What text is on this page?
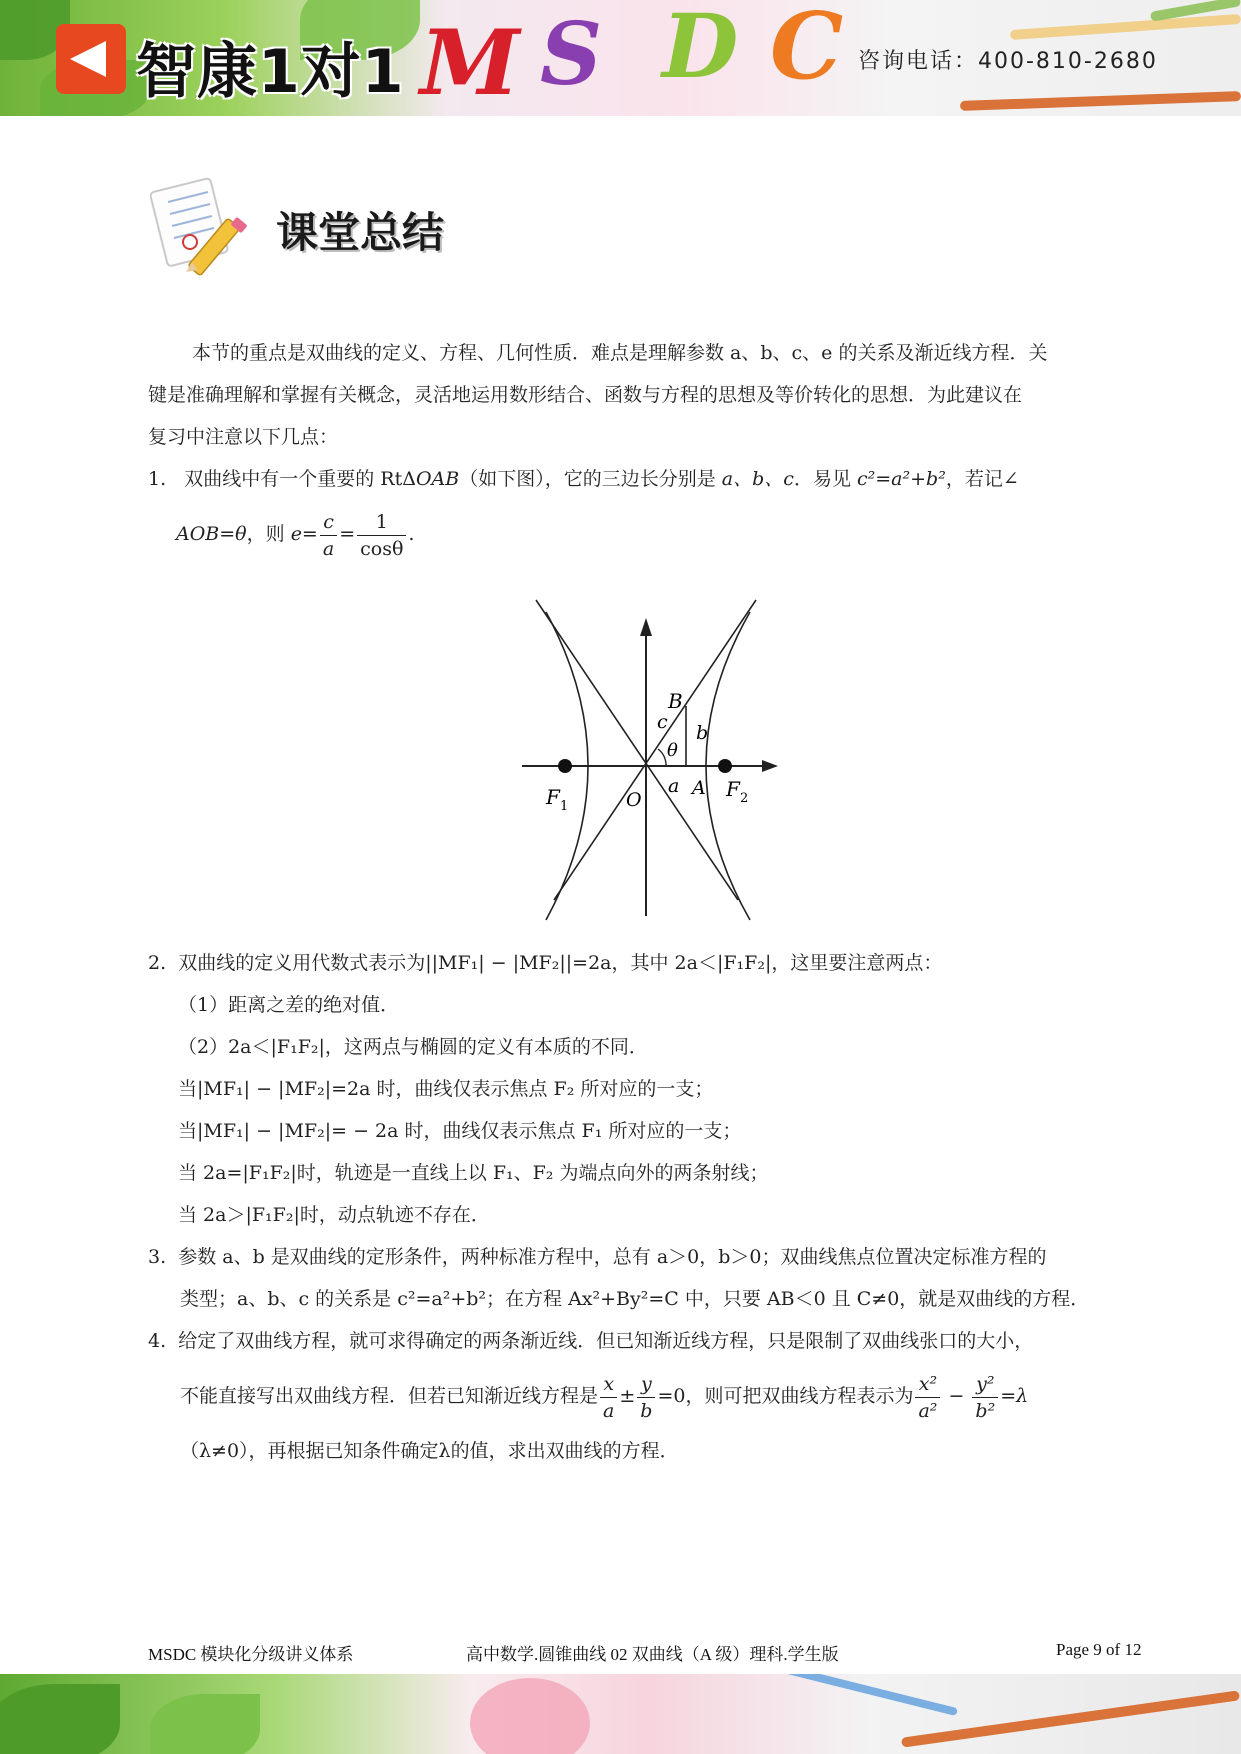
智康1对1 M S D C 咨询电话：400-810-2680
课堂总结
本节的重点是双曲线的定义、方程、几何性质．难点是理解参数 a、b、c、e 的关系及渐近线方程．关
键是准确理解和掌握有关概念，灵活地运用数形结合、函数与方程的思想及等价转化的思想．为此建议在
复习中注意以下几点：
1. 双曲线中有一个重要的 RtΔOAB（如下图），它的三边长分别是 a、b、c．易见 c²=a²+b²，若记∠
AOB=θ，则 $e= \frac{c}{a} = \frac{1}{\cos\theta}$ .
B
c b
θ
a A
O
F 1
F 2
2. 双曲线的定义用代数式表示为||MF₁| − |MF₂||=2a，其中 2a＜|F₁F₂|，这里要注意两点：
（1）距离之差的绝对值．
（2）2a＜|F₁F₂|，这两点与椭圆的定义有本质的不同．
当|MF₁| − |MF₂|=2a 时，曲线仅表示焦点 F₂ 所对应的一支；
当|MF₁| − |MF₂|= − 2a 时，曲线仅表示焦点 F₁ 所对应的一支；
当 2a=|F₁F₂|时，轨迹是一直线上以 F₁、F₂ 为端点向外的两条射线；
当 2a＞|F₁F₂|时，动点轨迹不存在．
3. 参数 a、b 是双曲线的定形条件，两种标准方程中，总有 a＞0，b＞0；双曲线焦点位置决定标准方程的
类型；a、b、c 的关系是 c²=a²+b²；在方程 Ax²+By²=C 中，只要 AB＜0 且 C≠0，就是双曲线的方程．
4. 给定了双曲线方程，就可求得确定的两条渐近线．但已知渐近线方程，只是限制了双曲线张口的大小，
不能直接写出双曲线方程．但若已知渐近线方程是 $\frac{x}{a} \pm \frac{y}{b} =0$，则可把双曲线方程表示为 $\frac{\text{x²}}{\text{a²}} - \frac{\text{y²}}{\text{b²}} =\lambda$
（λ≠0），再根据已知条件确定λ的值，求出双曲线的方程．
MSDC 模块化分级讲义体系	高中数学.圆锥曲线 02 双曲线（A 级）理科.学生版	Page 9 of 12
